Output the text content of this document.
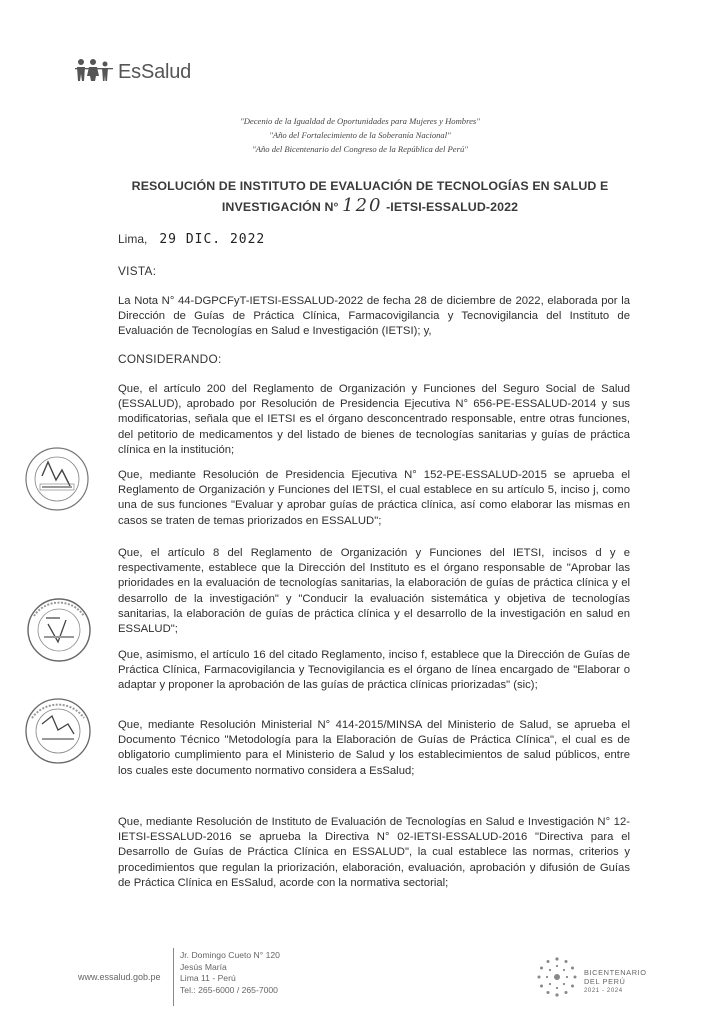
EsSalud
"Decenio de la Igualdad de Oportunidades para Mujeres y Hombres"
"Año del Fortalecimiento de la Soberanía Nacional"
"Año del Bicentenario del Congreso de la República del Perú"
RESOLUCIÓN DE INSTITUTO DE EVALUACIÓN DE TECNOLOGÍAS EN SALUD E
INVESTIGACIÓN N° 120 -IETSI-ESSALUD-2022
Lima, 29 DIC. 2022
VISTA:
La Nota N° 44-DGPCFyT-IETSI-ESSALUD-2022 de fecha 28 de diciembre de 2022, elaborada por la Dirección de Guías de Práctica Clínica, Farmacovigilancia y Tecnovigilancia del Instituto de Evaluación de Tecnologías en Salud e Investigación (IETSI); y,
CONSIDERANDO:
Que, el artículo 200 del Reglamento de Organización y Funciones del Seguro Social de Salud (ESSALUD), aprobado por Resolución de Presidencia Ejecutiva N° 656-PE-ESSALUD-2014 y sus modificatorias, señala que el IETSI es el órgano desconcentrado responsable, entre otras funciones, del petitorio de medicamentos y del listado de bienes de tecnologías sanitarias y guías de práctica clínica en la institución;
Que, mediante Resolución de Presidencia Ejecutiva N° 152-PE-ESSALUD-2015 se aprueba el Reglamento de Organización y Funciones del IETSI, el cual establece en su artículo 5, inciso j, como una de sus funciones "Evaluar y aprobar guías de práctica clínica, así como elaborar las mismas en casos se traten de temas priorizados en ESSALUD";
Que, el artículo 8 del Reglamento de Organización y Funciones del IETSI, incisos d y e respectivamente, establece que la Dirección del Instituto es el órgano responsable de "Aprobar las prioridades en la evaluación de tecnologías sanitarias, la elaboración de guías de práctica clínica y el desarrollo de la investigación" y "Conducir la evaluación sistemática y objetiva de tecnologías sanitarias, la elaboración de guías de práctica clínica y el desarrollo de la investigación en salud en ESSALUD";
Que, asimismo, el artículo 16 del citado Reglamento, inciso f, establece que la Dirección de Guías de Práctica Clínica, Farmacovigilancia y Tecnovigilancia es el órgano de línea encargado de "Elaborar o adaptar y proponer la aprobación de las guías de práctica clínicas priorizadas" (sic);
Que, mediante Resolución Ministerial N° 414-2015/MINSA del Ministerio de Salud, se aprueba el Documento Técnico "Metodología para la Elaboración de Guías de Práctica Clínica", el cual es de obligatorio cumplimiento para el Ministerio de Salud y los establecimientos de salud públicos, entre los cuales este documento normativo considera a EsSalud;
Que, mediante Resolución de Instituto de Evaluación de Tecnologías en Salud e Investigación N° 12-IETSI-ESSALUD-2016 se aprueba la Directiva N° 02-IETSI-ESSALUD-2016 "Directiva para el Desarrollo de Guías de Práctica Clínica en ESSALUD", la cual establece las normas, criterios y procedimientos que regulan la priorización, elaboración, evaluación, aprobación y difusión de Guías de Práctica Clínica en EsSalud, acorde con la normativa sectorial;
www.essalud.gob.pe
Jr. Domingo Cueto N° 120
Jesús María
Lima 11 - Perú
Tel.: 265-6000 / 265-7000
BICENTENARIO
DEL PERÚ
2021 - 2024
